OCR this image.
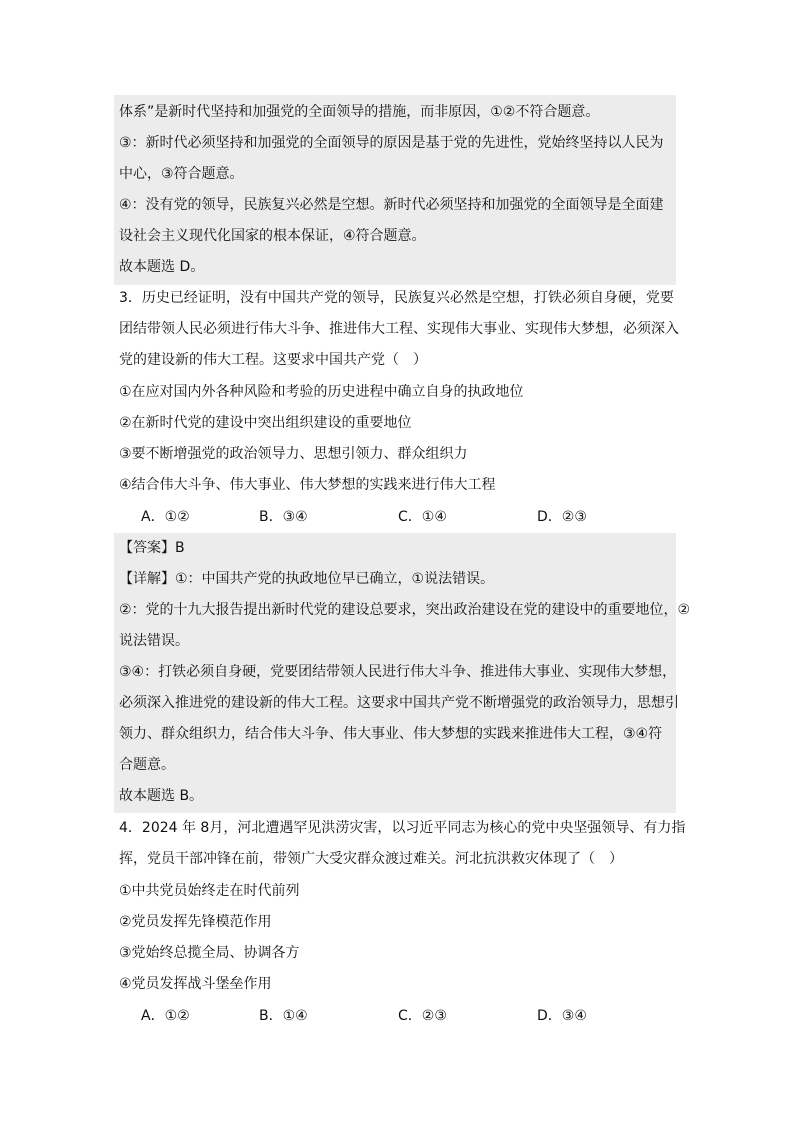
体系”是新时代坚持和加强党的全面领导的措施，而非原因，①②不符合题意。
③：新时代必须坚持和加强党的全面领导的原因是基于党的先进性，党始终坚持以人民为
中心，③符合题意。
④：没有党的领导，民族复兴必然是空想。新时代必须坚持和加强党的全面领导是全面建
设社会主义现代化国家的根本保证，④符合题意。
故本题选 D。
3．历史已经证明，没有中国共产党的领导，民族复兴必然是空想，打铁必须自身硬，党要
团结带领人民必须进行伟大斗争、推进伟大工程、实现伟大事业、实现伟大梦想，必须深入
党的建设新的伟大工程。这要求中国共产党（　）
①在应对国内外各种风险和考验的历史进程中确立自身的执政地位
②在新时代党的建设中突出组织建设的重要地位
③要不断增强党的政治领导力、思想引领力、群众组织力
④结合伟大斗争、伟大事业、伟大梦想的实践来进行伟大工程
A．①②	B．③④	C．①④	D．②③
【答案】B
【详解】①：中国共产党的执政地位早已确立，①说法错误。
②：党的十九大报告提出新时代党的建设总要求，突出政治建设在党的建设中的重要地位，②
说法错误。
③④：打铁必须自身硬，党要团结带领人民进行伟大斗争、推进伟大事业、实现伟大梦想，
必须深入推进党的建设新的伟大工程。这要求中国共产党不断增强党的政治领导力，思想引
领力、群众组织力，结合伟大斗争、伟大事业、伟大梦想的实践来推进伟大工程，③④符
合题意。
故本题选 B。
4．2024 年 8月，河北遭遇罕见洪涝灾害，以习近平同志为核心的党中央坚强领导、有力指
挥，党员干部冲锋在前，带领广大受灾群众渡过难关。河北抗洪救灾体现了（　）
①中共党员始终走在时代前列
②党员发挥先锋模范作用
③党始终总揽全局、协调各方
④党员发挥战斗堡垒作用
A．①②	B．①④	C．②③	D．③④
